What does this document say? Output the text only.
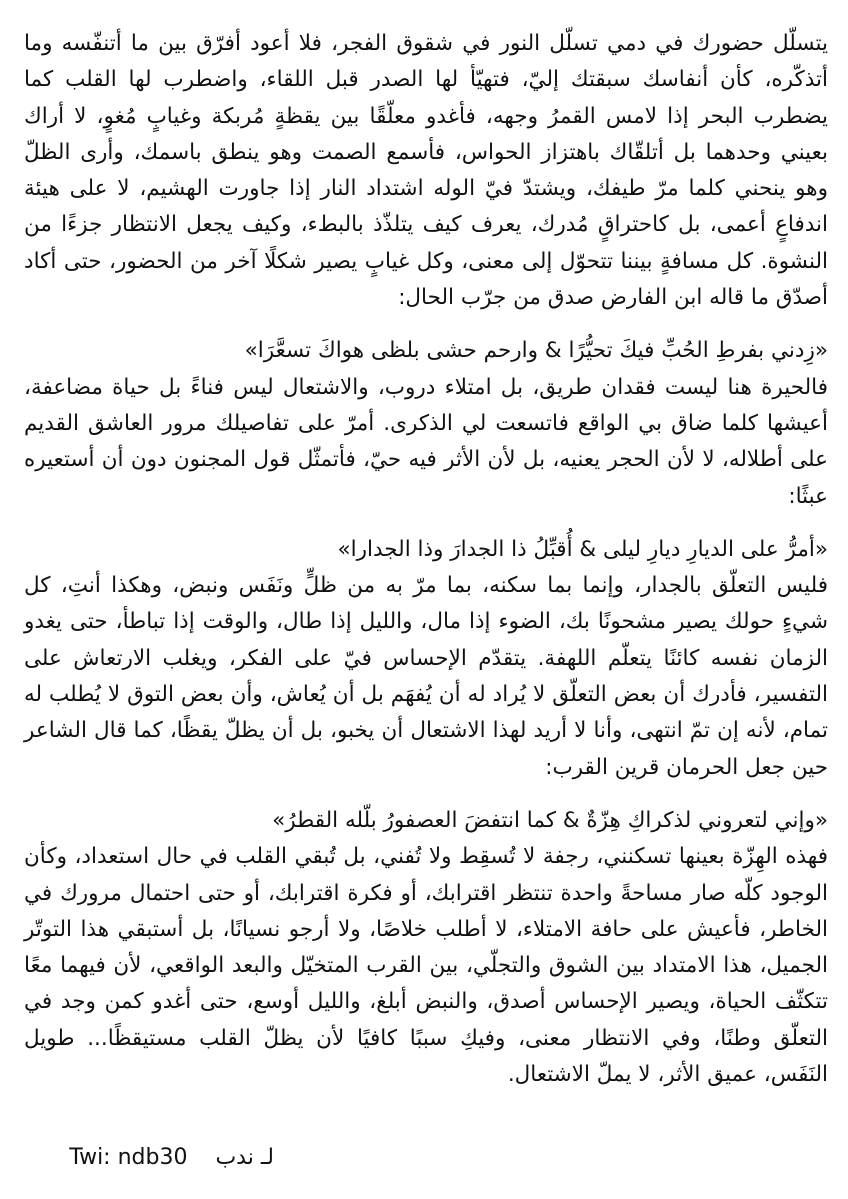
يتسلّل حضورك في دمي تسلّل النور في شقوق الفجر، فلا أعود أفرّق بين ما أتنفّسه وما أتذكّره، كأن أنفاسك سبقتك إليّ، فتهيّأ لها الصدر قبل اللقاء، واضطرب لها القلب كما يضطرب البحر إذا لامس القمرُ وجهه، فأغدو معلّقًا بين يقظةٍ مُربكة وغيابٍ مُغوٍ، لا أراك بعيني وحدهما بل أتلقّاك باهتزاز الحواس، فأسمع الصمت وهو ينطق باسمك، وأرى الظلّ وهو ينحني كلما مرّ طيفك، ويشتدّ فيّ الوله اشتداد النار إذا جاورت الهشيم، لا على هيئة اندفاعٍ أعمى، بل كاحتراقٍ مُدرك، يعرف كيف يتلذّذ بالبطء، وكيف يجعل الانتظار جزءًا من النشوة. كل مسافةٍ بيننا تتحوّل إلى معنى، وكل غيابٍ يصير شكلًا آخر من الحضور، حتى أكاد أصدّق ما قاله ابن الفارض صدق من جرّب الحال:

«زِدني بفرطِ الحُبِّ فيكَ تحيُّرًا & وارحم حشى بلظى هواكَ تسعَّرَا»

فالحيرة هنا ليست فقدان طريق، بل امتلاء دروب، والاشتعال ليس فناءً بل حياة مضاعفة، أعيشها كلما ضاق بي الواقع فاتسعت لي الذكرى. أمرّ على تفاصيلك مرور العاشق القديم على أطلاله، لا لأن الحجر يعنيه، بل لأن الأثر فيه حيّ، فأتمثّل قول المجنون دون أن أستعيره عبثًا:

«أمرُّ على الديارِ ديارِ ليلى & أُقبِّلُ ذا الجدارَ وذا الجدارا»

فليس التعلّق بالجدار، وإنما بما سكنه، بما مرّ به من ظلٍّ ونَفَس ونبض، وهكذا أنتِ، كل شيءٍ حولك يصير مشحونًا بك، الضوء إذا مال، والليل إذا طال، والوقت إذا تباطأ، حتى يغدو الزمان نفسه كائنًا يتعلّم اللهفة. يتقدّم الإحساس فيّ على الفكر، ويغلب الارتعاش على التفسير، فأدرك أن بعض التعلّق لا يُراد له أن يُفهَم بل أن يُعاش، وأن بعض التوق لا يُطلب له تمام، لأنه إن تمّ انتهى، وأنا لا أريد لهذا الاشتعال أن يخبو، بل أن يظلّ يقظًا، كما قال الشاعر حين جعل الحرمان قرين القرب:

«وإني لتعروني لذكراكِ هِزّةٌ & كما انتفضَ العصفورُ بلّله القطرُ»

فهذه الهِزّة بعينها تسكنني، رجفة لا تُسقِط ولا تُفني، بل تُبقي القلب في حال استعداد، وكأن الوجود كلّه صار مساحةً واحدة تنتظر اقترابك، أو فكرة اقترابك، أو حتى احتمال مرورك في الخاطر، فأعيش على حافة الامتلاء، لا أطلب خلاصًا، ولا أرجو نسيانًا، بل أستبقي هذا التوتّر الجميل، هذا الامتداد بين الشوق والتجلّي، بين القرب المتخيّل والبعد الواقعي، لأن فيهما معًا تتكثّف الحياة، ويصير الإحساس أصدق، والنبض أبلغ، والليل أوسع، حتى أغدو كمن وجد في التعلّق وطنًا، وفي الانتظار معنى، وفيكِ سببًا كافيًا لأن يظلّ القلب مستيقظًا... طويل النَفَس، عميق الأثر، لا يملّ الاشتعال.

Twi: ndb30 لـ ندب
